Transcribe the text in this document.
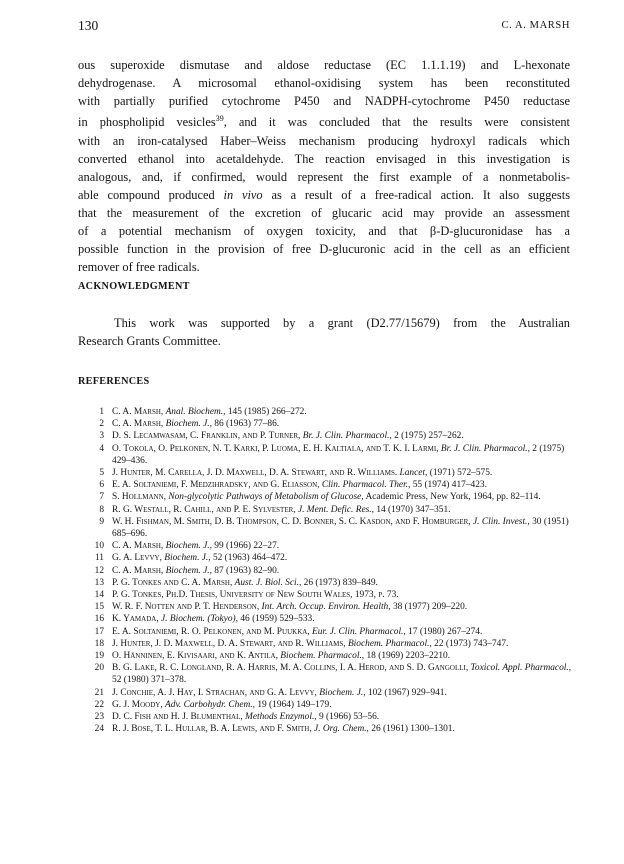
130	C. A. MARSH
ous superoxide dismutase and aldose reductase (EC 1.1.1.19) and L-hexonate
dehydrogenase. A microsomal ethanol-oxidising system has been reconstituted
with partially purified cytochrome P450 and NADPH-cytochrome P450 reductase
in phospholipid vesicles$^{39}$, and it was concluded that the results were consistent
with an iron-catalysed Haber–Weiss mechanism producing hydroxyl radicals which
converted ethanol into acetaldehyde. The reaction envisaged in this investigation is
analogous, and, if confirmed, would represent the first example of a nonmetabolis-
able compound produced in vivo as a result of a free-radical action. It also suggests
that the measurement of the excretion of glucaric acid may provide an assessment
of a potential mechanism of oxygen toxicity, and that β-D-glucuronidase has a
possible function in the provision of free D-glucuronic acid in the cell as an efficient
remover of free radicals.
ACKNOWLEDGMENT
This work was supported by a grant (D2.77/15679) from the Australian
Research Grants Committee.
REFERENCES
1 C. A. Marsh, Anal. Biochem., 145 (1985) 266–272.
2 C. A. Marsh, Biochem. J., 86 (1963) 77–86.
3 D. S. Lecamwasam, C. Franklin, and P. Turner, Br. J. Clin. Pharmacol., 2 (1975) 257–262.
4 O. Tokola, O. Pelkonen, N. T. Karki, P. Luoma, E. H. Kaltiala, and T. K. I. Larmi, Br. J. Clin. Pharmacol., 2 (1975) 429–436.
5 J. Hunter, M. Carella, J. D. Maxwell, D. A. Stewart, and R. Williams. Lancet, (1971) 572–575.
6 E. A. Soltaniemi, F. Medzihradsky, and G. Eliasson, Clin. Pharmacol. Ther., 55 (1974) 417–423.
7 S. Hollmann, Non-glycolytic Pathways of Metabolism of Glucose, Academic Press, New York, 1964, pp. 82–114.
8 R. G. Westall, R. Cahill, and P. E. Sylvester, J. Ment. Defic. Res., 14 (1970) 347–351.
9 W. H. Fishman, M. Smith, D. B. Thompson, C. D. Bonner, S. C. Kasdon, and F. Homburger, J. Clin. Invest., 30 (1951) 685–696.
10 C. A. Marsh, Biochem. J., 99 (1966) 22–27.
11 G. A. Levvy, Biochem. J., 52 (1963) 464–472.
12 C. A. Marsh, Biochem. J., 87 (1963) 82–90.
13 P. G. Tonkes and C. A. Marsh, Aust. J. Biol. Sci., 26 (1973) 839–849.
14 P. G. Tonkes, Ph.D. Thesis, University of New South Wales, 1973, p. 73.
15 W. R. F. Notten and P. T. Henderson, Int. Arch. Occup. Environ. Health, 38 (1977) 209–220.
16 K. Yamada, J. Biochem. (Tokyo), 46 (1959) 529–533.
17 E. A. Soltaniemi, R. O. Pelkonen, and M. Puukka, Eur. J. Clin. Pharmacol., 17 (1980) 267–274.
18 J. Hunter, J. D. Maxwell, D. A. Stewart, and R. Williams, Biochem. Pharmacol., 22 (1973) 743–747.
19 O. Hänninen, E. Kivisaari, and K. Antila, Biochem. Pharmacol., 18 (1969) 2203–2210.
20 B. G. Lake, R. C. Longland, R. A. Harris, M. A. Collins, I. A. Herod, and S. D. Gangolli, Toxicol. Appl. Pharmacol., 52 (1980) 371–378.
21 J. Conchie, A. J. Hay, I. Strachan, and G. A. Levvy, Biochem. J., 102 (1967) 929–941.
22 G. J. Moody, Adv. Carbohydr. Chem., 19 (1964) 149–179.
23 D. C. Fish and H. J. Blumenthal, Methods Enzymol., 9 (1966) 53–56.
24 R. J. Bose, T. L. Hullar, B. A. Lewis, and F. Smith, J. Org. Chem., 26 (1961) 1300–1301.
